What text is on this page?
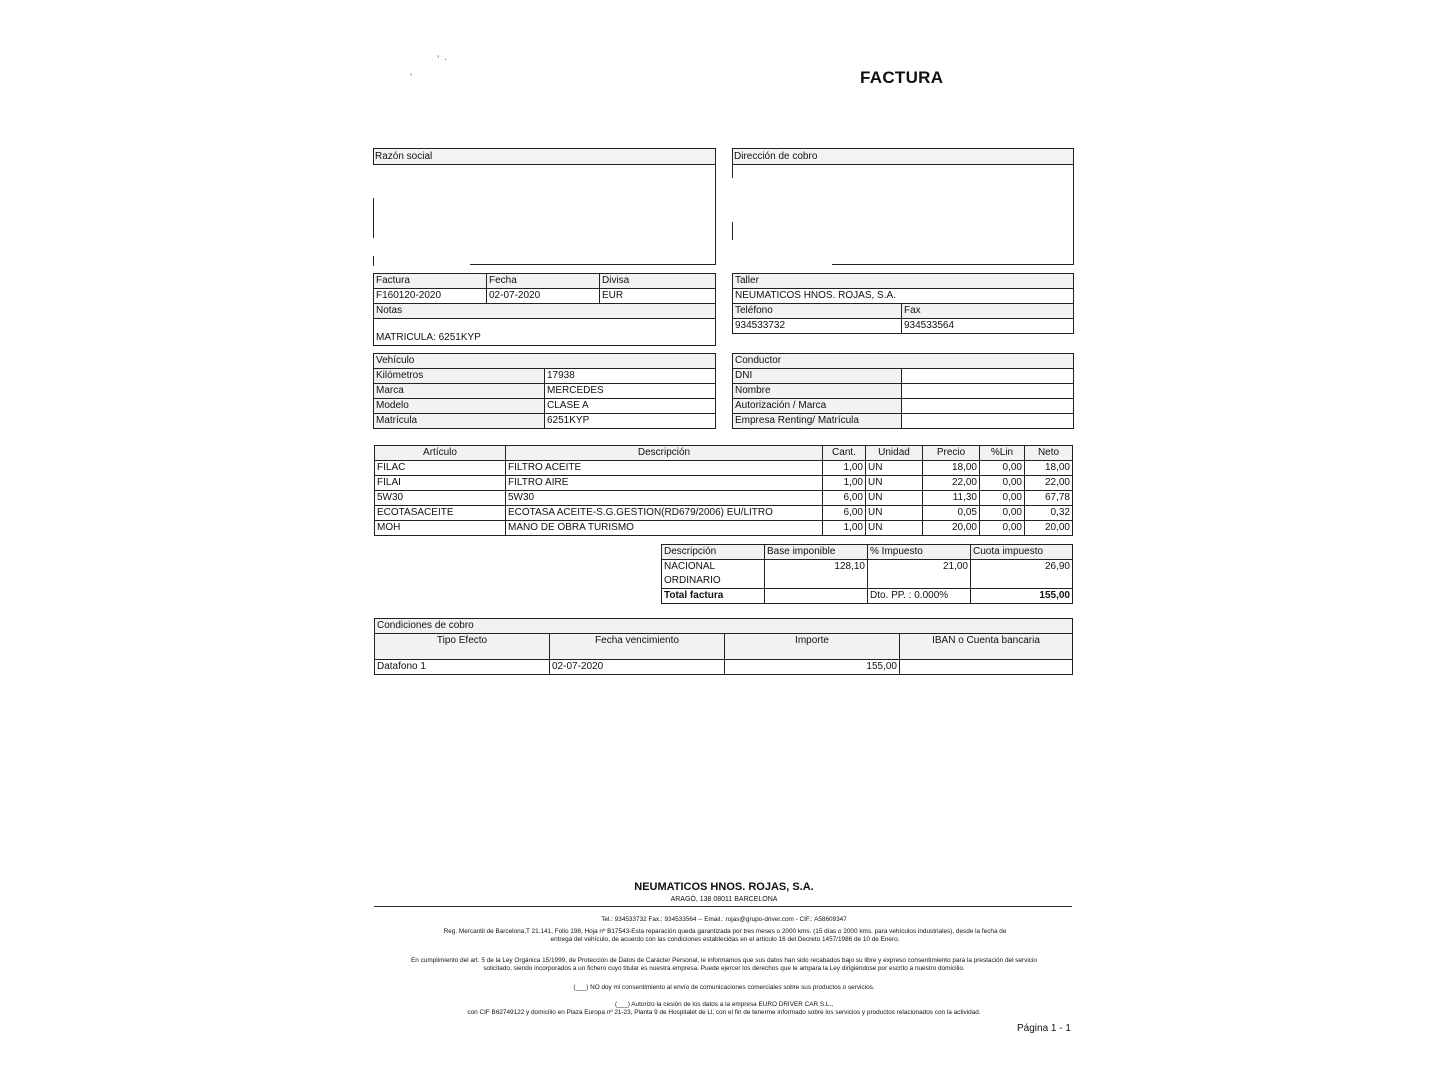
FACTURA
’
′ ˏ
Razón social	Dirección de cobro
Factura	Fecha	Divisa
F160120-2020	02-07-2020	EUR
Notas		
MATRICULA: 6251KYP		
Taller	
NEUMATICOS HNOS. ROJAS, S.A.	
Teléfono	Fax
934533732	934533564
Vehículo	
Kilómetros	17938
Marca	MERCEDES
Modelo	CLASE A
Matrícula	6251KYP
Conductor	
DNI	
Nombre	
Autorización / Marca	
Empresa Renting/ Matrícula	
Artículo	Descripción	Cant.	Unidad	Precio	%Lin	Neto
FILAC	FILTRO ACEITE	1,00	UN	18,00	0,00	18,00
FILAI	FILTRO AIRE	1,00	UN	22,00	0,00	22,00
5W30	5W30	6,00	UN	11,30	0,00	67,78
ECOTASACEITE	ECOTASA ACEITE-S.G.GESTION(RD679/2006) EU/LITRO	6,00	UN	0,05	0,00	0,32
MOH	MANO DE OBRA TURISMO	1,00	UN	20,00	0,00	20,00
Descripción	Base imponible	% Impuesto	Cuota impuesto
NACIONAL ORDINARIO	128,10	21,00	26,90
Total factura		Dto. PP. : 0.000%	155,00
Condiciones de cobro			
Tipo Efecto	Fecha vencimiento	Importe	IBAN o Cuenta bancaria
Datafono 1	02-07-2020	155,00	
NEUMATICOS HNOS. ROJAS, S.A.
ARAGÓ, 138 08011 BARCELONA
Tel.: 934533732 Fax.: 934533564 -- Email.: rojas@grupo-driver.com - CIF.: A58609347
Reg. Mercantil de Barcelona,T 21.141, Folio 198, Hoja nº B17543-Esta reparación queda garantizada por tres meses o 2000 kms. (15 días o 2000 kms. para vehículos industriales), desde la fecha de entrega del vehículo, de acuerdo con las condiciones establecidas en el artículo 16 del Decreto 1457/1986 de 10 de Enero.
En cumplimiento del art. 5 de la Ley Orgánica 15/1999, de Protección de Datos de Carácter Personal, le informamos que sus datos han sido recabados bajo su libre y expreso consentimiento para la prestación del servicio solicitado, siendo incorporados a un fichero cuyo titular es nuestra empresa. Puede ejercer los derechos que le ampara la Ley dirigiéndose por escrito a nuestro domicilio.
(___) NO doy mi consentimiento al envío de comunicaciones comerciales sobre sus productos o servicios.
(___) Autorizo la cesión de los datos a la empresa EURO DRIVER CAR S.L.,
con CIF B62749122 y domicilio en Plaza Europa nº 21-23, Planta 9 de Hospitalet de Ll, con el fin de tenerme informado sobre los servicios y productos relacionados con la actividad.
Página 1 - 1
